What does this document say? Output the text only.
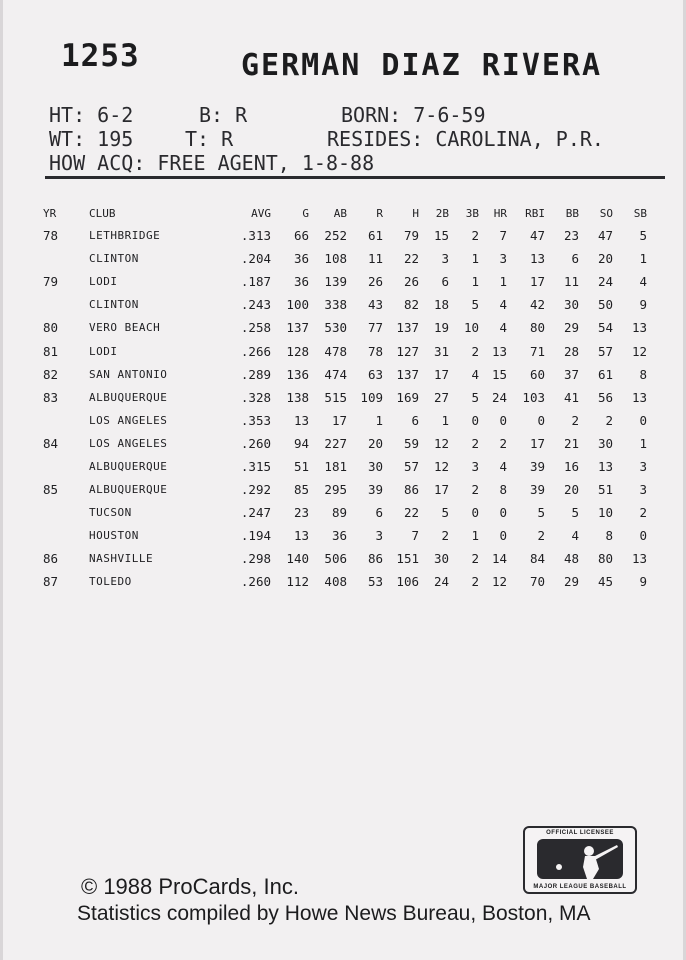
1253	GERMAN DIAZ RIVERA
HT: 6-2	B: R	BORN: 7-6-59
WT: 195	T: R	RESIDES: CAROLINA, P.R.
HOW ACQ: FREE AGENT, 1-8-88
YR	CLUB	AVG	G	AB	R	H	2B	3B	HR	RBI	BB	SO	SB
78	LETHBRIDGE	.313	66	252	61	79	15	2	7	47	23	47	5
	CLINTON	.204	36	108	11	22	3	1	3	13	6	20	1
79	LODI	.187	36	139	26	26	6	1	1	17	11	24	4
	CLINTON	.243	100	338	43	82	18	5	4	42	30	50	9
80	VERO BEACH	.258	137	530	77	137	19	10	4	80	29	54	13
81	LODI	.266	128	478	78	127	31	2	13	71	28	57	12
82	SAN ANTONIO	.289	136	474	63	137	17	4	15	60	37	61	8
83	ALBUQUERQUE	.328	138	515	109	169	27	5	24	103	41	56	13
	LOS ANGELES	.353	13	17	1	6	1	0	0	0	2	2	0
84	LOS ANGELES	.260	94	227	20	59	12	2	2	17	21	30	1
	ALBUQUERQUE	.315	51	181	30	57	12	3	4	39	16	13	3
85	ALBUQUERQUE	.292	85	295	39	86	17	2	8	39	20	51	3
	TUCSON	.247	23	89	6	22	5	0	0	5	5	10	2
	HOUSTON	.194	13	36	3	7	2	1	0	2	4	8	0
86	NASHVILLE	.298	140	506	86	151	30	2	14	84	48	80	13
87	TOLEDO	.260	112	408	53	106	24	2	12	70	29	45	9
OFFICIAL LICENSEE
MAJOR LEAGUE BASEBALL
© 1988 ProCards, Inc.
Statistics compiled by Howe News Bureau, Boston, MA
